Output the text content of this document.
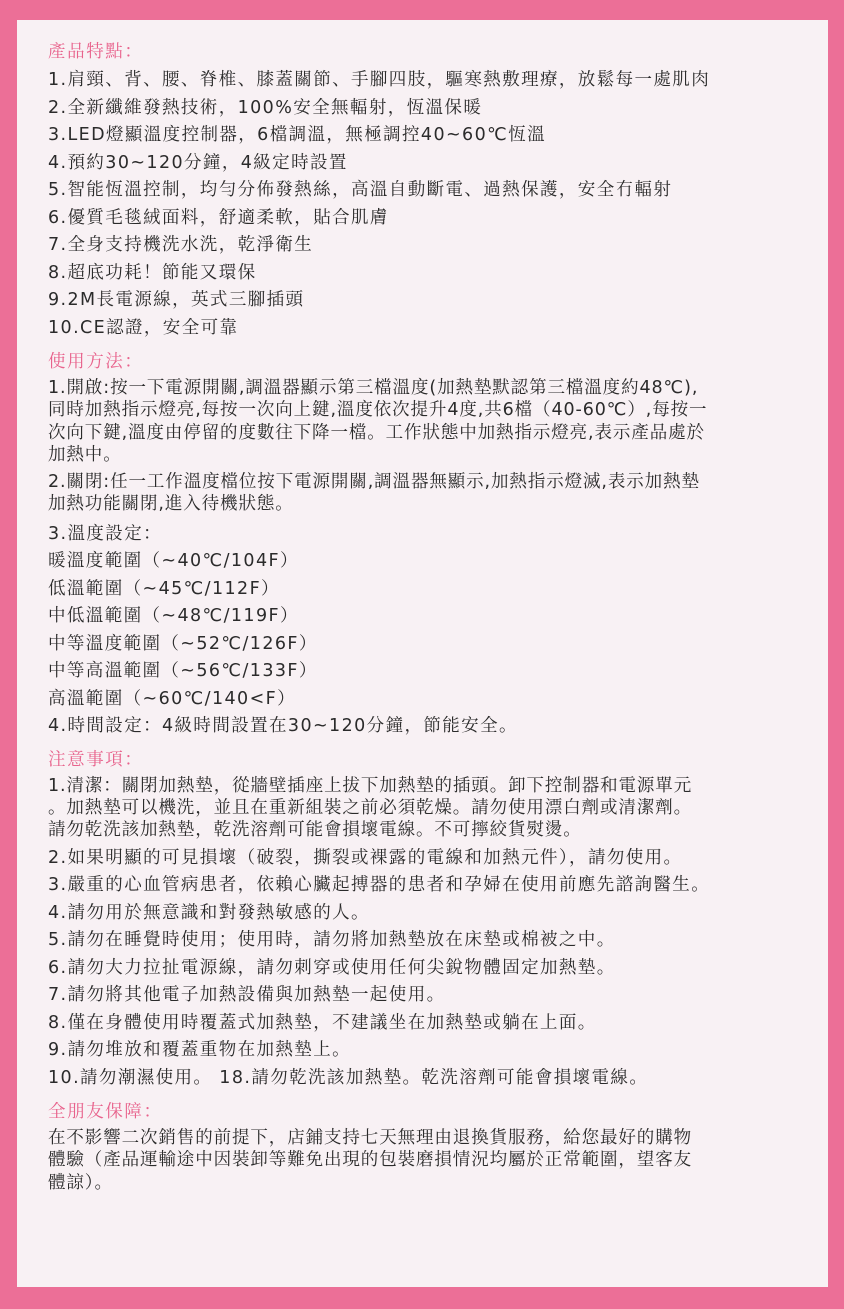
產品特點：
1.肩頸、背、腰、脊椎、膝蓋關節、手腳四肢，驅寒熱敷理療，放鬆每一處肌肉
2.全新纖維發熱技術，100%安全無輻射，恆溫保暖
3.LED燈顯溫度控制器，6檔調溫，無極調控40~60℃恆溫
4.預約30~120分鐘，4級定時設置
5.智能恆溫控制，均勻分佈發熱絲，高溫自動斷電、過熱保護，安全冇輻射
6.優質毛毯絨面料，舒適柔軟，貼合肌膚
7.全身支持機洗水洗，乾淨衛生
8.超底功耗！節能又環保
9.2M長電源線，英式三腳插頭
10.CE認證，安全可靠
使用方法：
1.開啟:按一下電源開關,調溫器顯示第三檔溫度(加熱墊默認第三檔溫度約48℃),
同時加熱指示燈亮,每按一次向上鍵,溫度依次提升4度,共6檔（40-60℃）,每按一
次向下鍵,溫度由停留的度數往下降一檔。工作狀態中加熱指示燈亮,表示產品處於
加熱中。
2.關閉:任一工作溫度檔位按下電源開關,調溫器無顯示,加熱指示燈滅,表示加熱墊
加熱功能關閉,進入待機狀態。
3.溫度設定：
暖溫度範圍（~40℃/104F）
低溫範圍（~45℃/112F）
中低溫範圍（~48℃/119F）
中等溫度範圍（~52℃/126F）
中等高溫範圍（~56℃/133F）
高溫範圍（~60℃/140<F）
4.時間設定：4級時間設置在30~120分鐘，節能安全。
注意事項：
1.清潔：關閉加熱墊，從牆壁插座上拔下加熱墊的插頭。卸下控制器和電源單元
。加熱墊可以機洗，並且在重新組裝之前必須乾燥。請勿使用漂白劑或清潔劑。
請勿乾洗該加熱墊，乾洗溶劑可能會損壞電線。不可擰絞貨熨燙。
2.如果明顯的可見損壞（破裂，撕裂或裸露的電線和加熱元件），請勿使用。
3.嚴重的心血管病患者，依賴心臟起搏器的患者和孕婦在使用前應先諮詢醫生。
4.請勿用於無意識和對發熱敏感的人。
5.請勿在睡覺時使用；使用時，請勿將加熱墊放在床墊或棉被之中。
6.請勿大力拉扯電源線，請勿刺穿或使用任何尖銳物體固定加熱墊。
7.請勿將其他電子加熱設備與加熱墊一起使用。
8.僅在身體使用時覆蓋式加熱墊，不建議坐在加熱墊或躺在上面。
9.請勿堆放和覆蓋重物在加熱墊上。
10.請勿潮濕使用。 18.請勿乾洗該加熱墊。乾洗溶劑可能會損壞電線。
全朋友保障：
在不影響二次銷售的前提下，店鋪支持七天無理由退換貨服務，給您最好的購物
體驗（產品運輸途中因裝卸等難免出現的包裝磨損情況均屬於正常範圍，望客友
體諒）。
